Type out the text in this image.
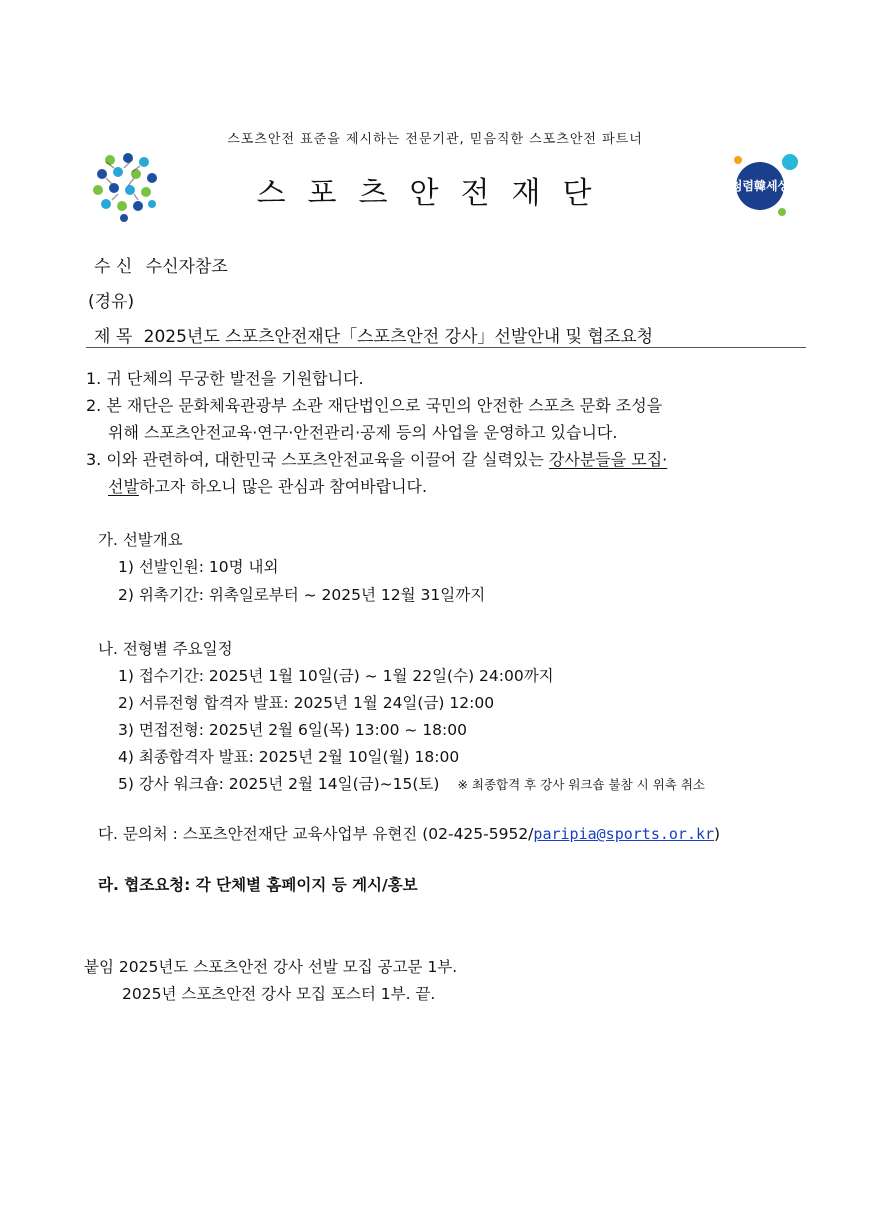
스포츠안전 표준을 제시하는 전문기관, 믿음직한 스포츠안전 파트너
스포츠안전재단	청렴韓세상
수 신 수신자참조
(경유)
제 목 2025년도 스포츠안전재단「스포츠안전 강사」선발안내 및 협조요청
1. 귀 단체의 무궁한 발전을 기원합니다.
2. 본 재단은 문화체육관광부 소관 재단법인으로 국민의 안전한 스포츠 문화 조성을
위해 스포츠안전교육·연구·안전관리·공제 등의 사업을 운영하고 있습니다.
3. 이와 관련하여, 대한민국 스포츠안전교육을 이끌어 갈 실력있는 강사분들을 모집·
선발하고자 하오니 많은 관심과 참여바랍니다.
가. 선발개요
1) 선발인원: 10명 내외
2) 위촉기간: 위촉일로부터 ~ 2025년 12월 31일까지
나. 전형별 주요일정
1) 접수기간: 2025년 1월 10일(금) ~ 1월 22일(수) 24:00까지
2) 서류전형 합격자 발표: 2025년 1월 24일(금) 12:00
3) 면접전형: 2025년 2월 6일(목) 13:00 ~ 18:00
4) 최종합격자 발표: 2025년 2월 10일(월) 18:00
5) 강사 워크숍: 2025년 2월 14일(금)~15(토) ※ 최종합격 후 강사 워크숍 불참 시 위촉 취소
다. 문의처 : 스포츠안전재단 교육사업부 유현진 (02-425-5952/paripia@sports.or.kr)
라. 협조요청: 각 단체별 홈페이지 등 게시/홍보
붙임 2025년도 스포츠안전 강사 선발 모집 공고문 1부.
2025년 스포츠안전 강사 모집 포스터 1부. 끝.
